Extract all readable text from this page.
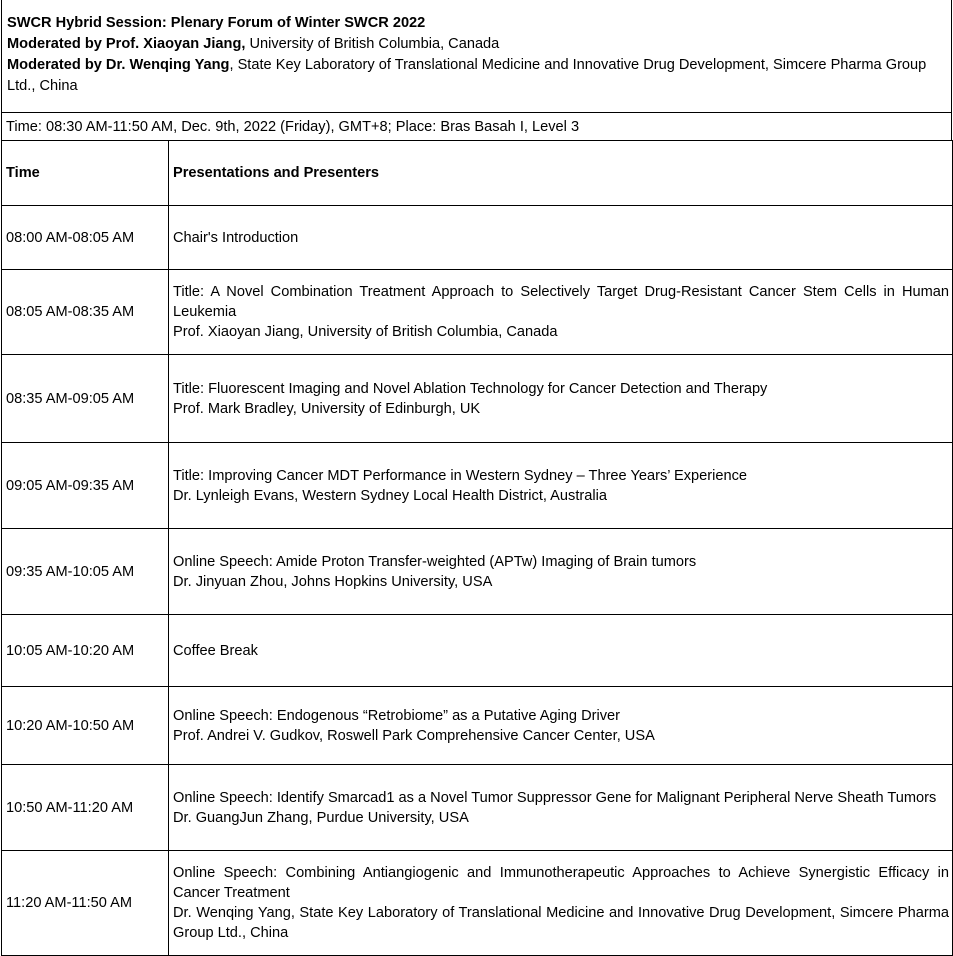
SWCR Hybrid Session: Plenary Forum of Winter SWCR 2022
Moderated by Prof. Xiaoyan Jiang, University of British Columbia, Canada
Moderated by Dr. Wenqing Yang, State Key Laboratory of Translational Medicine and Innovative Drug Development, Simcere Pharma Group Ltd., China
Time: 08:30 AM-11:50 AM, Dec. 9th, 2022 (Friday), GMT+8; Place: Bras Basah I, Level 3
Time	Presentations and Presenters
08:00 AM-08:05 AM	Chair's Introduction

08:05 AM-08:35 AM	Title: A Novel Combination Treatment Approach to Selectively Target Drug-Resistant Cancer Stem Cells in Human Leukemia
Prof. Xiaoyan Jiang, University of British Columbia, Canada

08:35 AM-09:05 AM	Title: Fluorescent Imaging and Novel Ablation Technology for Cancer Detection and Therapy
Prof. Mark Bradley, University of Edinburgh, UK

09:05 AM-09:35 AM	Title: Improving Cancer MDT Performance in Western Sydney – Three Years’ Experience
Dr. Lynleigh Evans, Western Sydney Local Health District, Australia

09:35 AM-10:05 AM	Online Speech: Amide Proton Transfer-weighted (APTw) Imaging of Brain tumors
Dr. Jinyuan Zhou, Johns Hopkins University, USA

10:05 AM-10:20 AM	Coffee Break

10:20 AM-10:50 AM	Online Speech: Endogenous “Retrobiome” as a Putative Aging Driver
Prof. Andrei V. Gudkov, Roswell Park Comprehensive Cancer Center, USA

10:50 AM-11:20 AM	Online Speech: Identify Smarcad1 as a Novel Tumor Suppressor Gene for Malignant Peripheral Nerve Sheath Tumors
Dr. GuangJun Zhang, Purdue University, USA

11:20 AM-11:50 AM	Online Speech: Combining Antiangiogenic and Immunotherapeutic Approaches to Achieve Synergistic Efficacy in Cancer Treatment
Dr. Wenqing Yang, State Key Laboratory of Translational Medicine and Innovative Drug Development, Simcere Pharma Group Ltd., China
